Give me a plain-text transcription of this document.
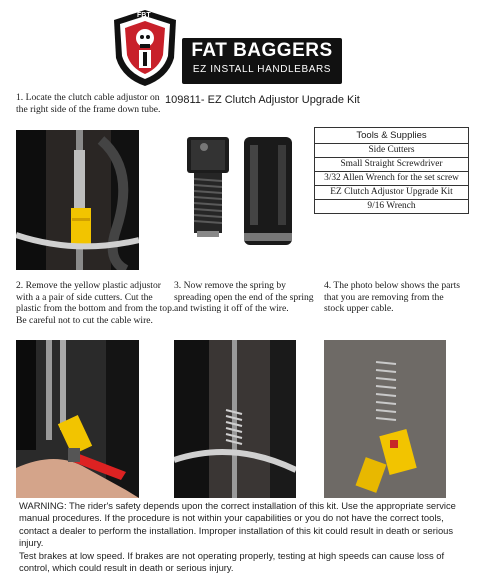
FBT
FAT BAGGERS
EZ INSTALL HANDLEBARS
109811- EZ Clutch Adjustor Upgrade Kit
1. Locate the clutch cable adjustor on the right side of the frame down tube.
Tools & Supplies
Side Cutters
Small Straight Screwdriver
3/32 Allen Wrench for the set screw
EZ Clutch Adjustor Upgrade Kit
9/16 Wrench
2. Remove the yellow plastic adjustor with a a pair of side cutters. Cut the plastic from the bottom and from the top. Be careful not to cut the cable wire.
3. Now remove the spring by spreading open the end of the spring and twisting it off of the wire.
4. The photo below shows the parts that you are removing from the stock upper cable.

WARNING: The rider's safety depends upon the correct installation of this kit. Use the appropriate service manual procedures. If the procedure is not within your capabilities or you do not have the correct tools, contact a dealer to perform the installation. Improper installation of this kit could result in death or serious injury.

Test brakes at low speed. If brakes are not operating properly, testing at high speeds can cause loss of control, which could result in death or serious injury.
